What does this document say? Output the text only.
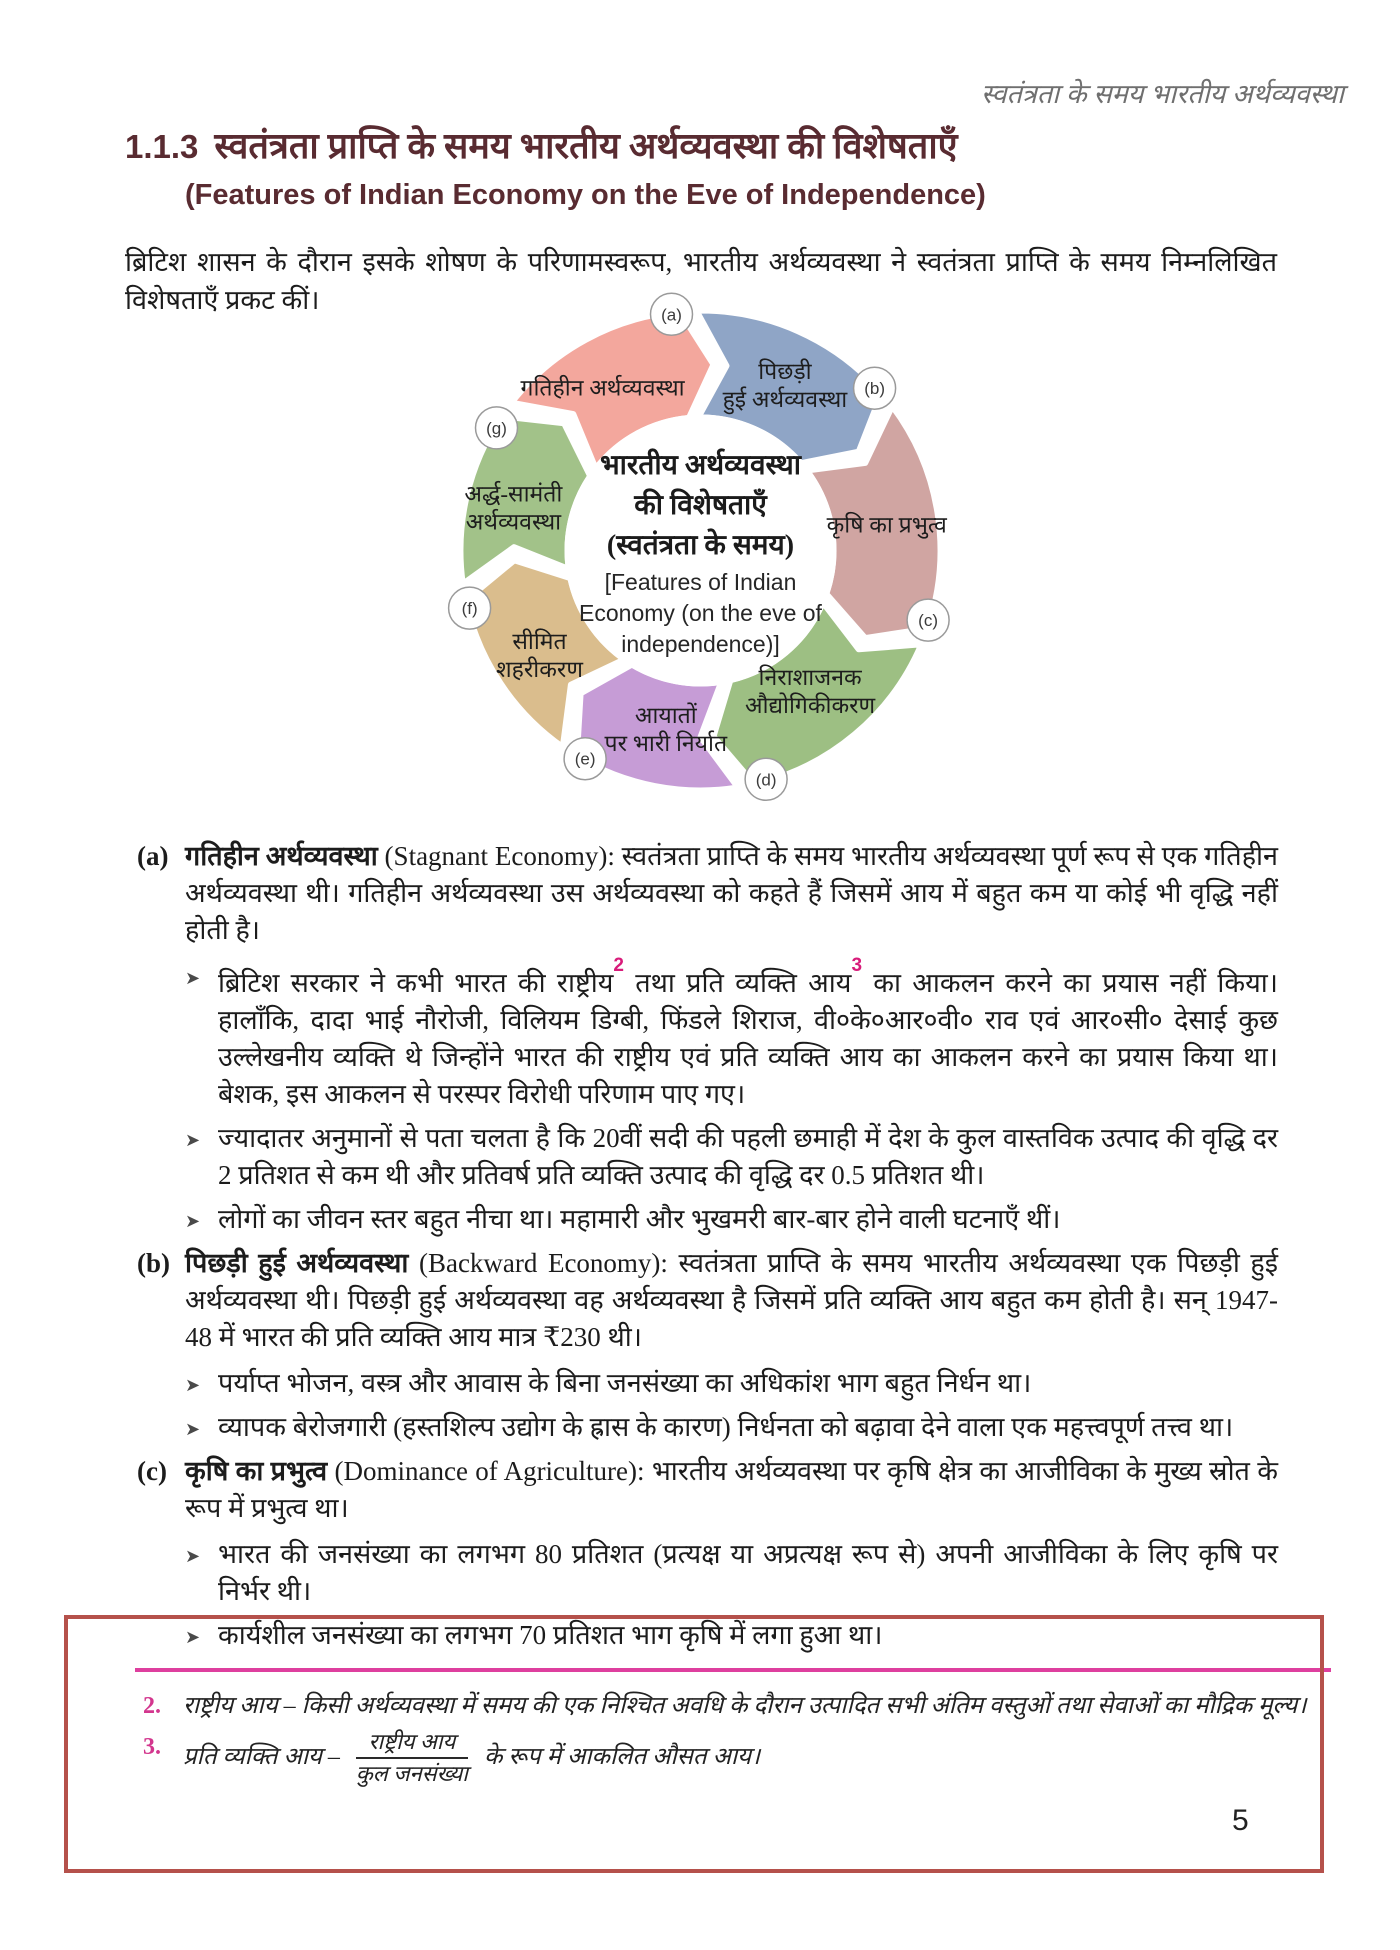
स्वतंत्रता के समय भारतीय अर्थव्यवस्था
1.1.3 स्वतंत्रता प्राप्ति के समय भारतीय अर्थव्यवस्था की विशेषताएँ
(Features of Indian Economy on the Eve of Independence)
ब्रिटिश शासन के दौरान इसके शोषण के परिणामस्वरूप, भारतीय अर्थव्यवस्था ने स्वतंत्रता प्राप्ति के समय निम्नलिखित विशेषताएँ प्रकट कीं।
गतिहीन अर्थव्यवस्था
(a)
पिछड़ी
हुई अर्थव्यवस्था (b)
कृषि का प्रभुत्व
(c)
निराशाजनक
औद्योगिकीकरण
(d)
आयातों
पर भारी निर्यात
(e)
सीमित
शहरीकरण
(f)
अर्द्ध-सामंती
अर्थव्यवस्था
(g)
भारतीय अर्थव्यवस्था
की विशेषताएँ
(स्वतंत्रता के समय)
[Features of Indian
Economy (on the eve of
independence)]
(a) गतिहीन अर्थव्यवस्था (Stagnant Economy): स्वतंत्रता प्राप्ति के समय भारतीय अर्थव्यवस्था पूर्ण रूप से एक गतिहीन अर्थव्यवस्था थी। गतिहीन अर्थव्यवस्था उस अर्थव्यवस्था को कहते हैं जिसमें आय में बहुत कम या कोई भी वृद्धि नहीं होती है।
➤ ब्रिटिश सरकार ने कभी भारत की राष्ट्रीय$^2$ तथा प्रति व्यक्ति आय$^3$ का आकलन करने का प्रयास नहीं किया। हालाँकि, दादा भाई नौरोजी, विलियम डिग्बी, फिंडले शिराज, वी०के०आर०वी० राव एवं आर०सी० देसाई कुछ उल्लेखनीय व्यक्ति थे जिन्होंने भारत की राष्ट्रीय एवं प्रति व्यक्ति आय का आकलन करने का प्रयास किया था। बेशक, इस आकलन से परस्पर विरोधी परिणाम पाए गए।
➤ ज्यादातर अनुमानों से पता चलता है कि 20वीं सदी की पहली छमाही में देश के कुल वास्तविक उत्पाद की वृद्धि दर 2 प्रतिशत से कम थी और प्रतिवर्ष प्रति व्यक्ति उत्पाद की वृद्धि दर 0.5 प्रतिशत थी।
➤ लोगों का जीवन स्तर बहुत नीचा था। महामारी और भुखमरी बार-बार होने वाली घटनाएँ थीं।
(b) पिछड़ी हुई अर्थव्यवस्था (Backward Economy): स्वतंत्रता प्राप्ति के समय भारतीय अर्थव्यवस्था एक पिछड़ी हुई अर्थव्यवस्था थी। पिछड़ी हुई अर्थव्यवस्था वह अर्थव्यवस्था है जिसमें प्रति व्यक्ति आय बहुत कम होती है। सन् 1947-48 में भारत की प्रति व्यक्ति आय मात्र ₹230 थी।
➤ पर्याप्त भोजन, वस्त्र और आवास के बिना जनसंख्या का अधिकांश भाग बहुत निर्धन था।
➤ व्यापक बेरोजगारी (हस्तशिल्प उद्योग के ह्रास के कारण) निर्धनता को बढ़ावा देने वाला एक महत्त्वपूर्ण तत्त्व था।
(c) कृषि का प्रभुत्व (Dominance of Agriculture): भारतीय अर्थव्यवस्था पर कृषि क्षेत्र का आजीविका के मुख्य स्रोत के रूप में प्रभुत्व था।
➤ भारत की जनसंख्या का लगभग 80 प्रतिशत (प्रत्यक्ष या अप्रत्यक्ष रूप से) अपनी आजीविका के लिए कृषि पर निर्भर थी।
➤ कार्यशील जनसंख्या का लगभग 70 प्रतिशत भाग कृषि में लगा हुआ था।
2. राष्ट्रीय आय – किसी अर्थव्यवस्था में समय की एक निश्चित अवधि के दौरान उत्पादित सभी अंतिम वस्तुओं तथा सेवाओं का मौद्रिक मूल्य।
3. प्रति व्यक्ति आय – $\frac{\text{राष्ट्रीय आय}}{\text{कुल जनसंख्या}}$ के रूप में आकलित औसत आय।
5
